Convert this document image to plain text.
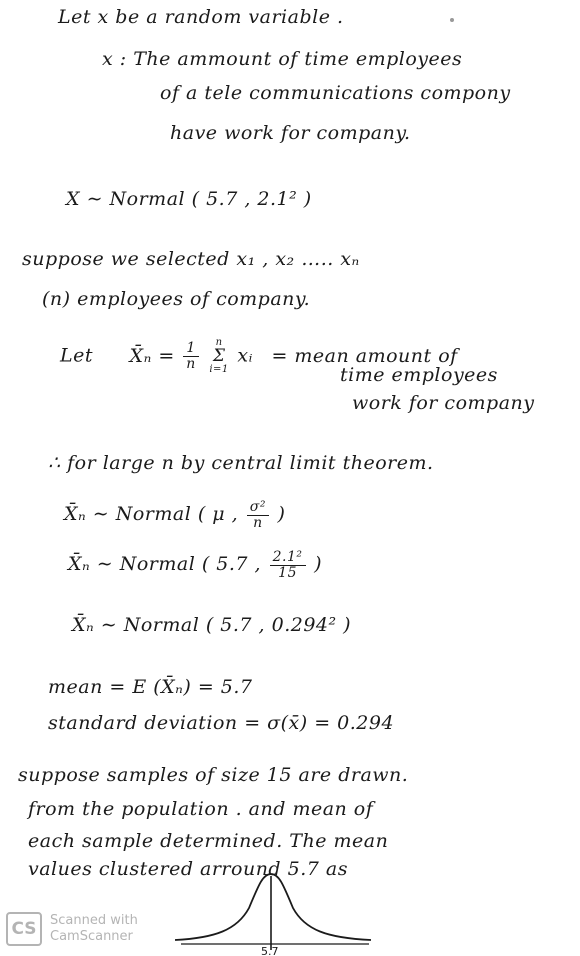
Let x be a random variable .
x : The ammount of time employees
of a tele communications compony
have work for company.
X ∼ Normal ( 5.7 , 2.1² )
suppose we selected x₁ , x₂ ….. xₙ
(n) employees of company.
Let X̄ₙ = $\frac{1}{n}$ n
Σ
i=1 xᵢ = mean amount of
time employees
work for company
∴ for large n by central limit theorem.
X̄ₙ ∼ Normal ( μ , $\frac{\text{σ²}}{n}$ )
X̄ₙ ∼ Normal ( 5.7 , $\frac{\text{2.1²}}{15}$ )
X̄ₙ ∼ Normal ( 5.7 , 0.294² )
mean = E (X̄ₙ) = 5.7
standard deviation = σ(x̄) = 0.294
suppose samples of size 15 are drawn.
from the population . and mean of
each sample determined. The mean
values clustered arround 5.7 as
5.7
CS	Scanned with
CamScanner
